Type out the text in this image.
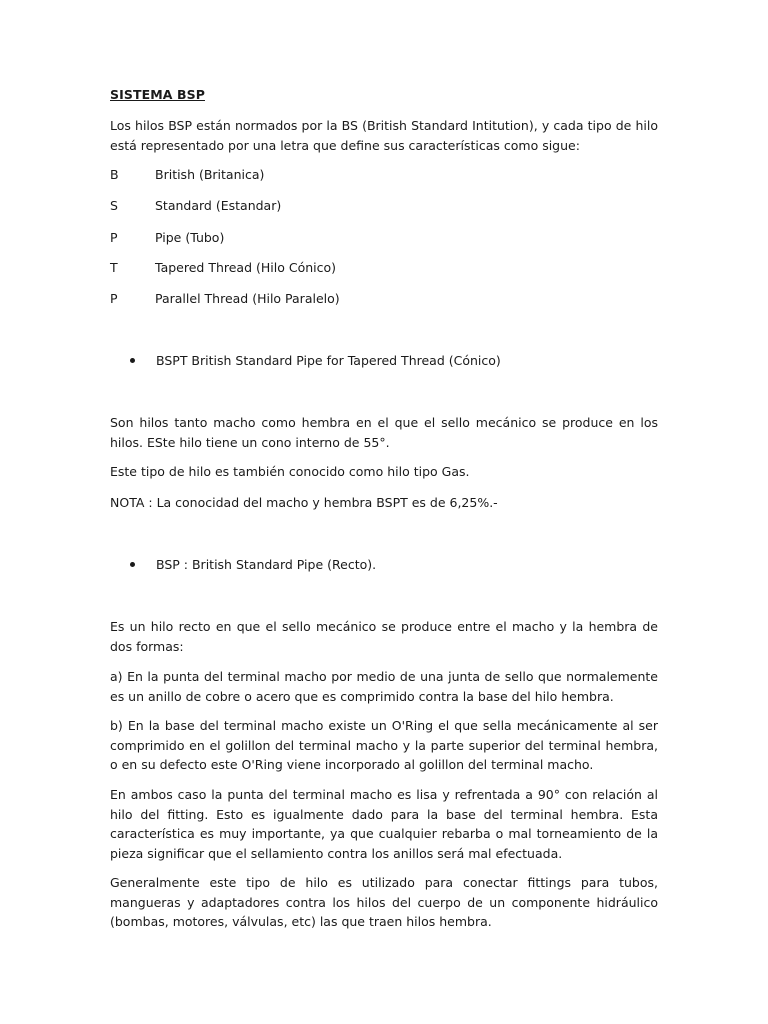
SISTEMA BSP
Los hilos BSP están normados por la BS (British Standard Intitution), y cada tipo de hilo está representado por una letra que define sus características como sigue:
B	British (Britanica)
S	Standard (Estandar)
P	Pipe (Tubo)
T	Tapered Thread (Hilo Cónico)
P	Parallel Thread (Hilo Paralelo)
BSPT British Standard Pipe for Tapered Thread (Cónico)
Son hilos tanto macho como hembra en el que el sello mecánico se produce en los hilos. ESte hilo tiene un cono interno de 55°.
Este tipo de hilo es también conocido como hilo tipo Gas.
NOTA : La conocidad del macho y hembra BSPT es de 6,25%.-
BSP : British Standard Pipe (Recto).
Es un hilo recto en que el sello mecánico se produce entre el macho y la hembra de dos formas:
a) En la punta del terminal macho por medio de una junta de sello que normalemente es un anillo de cobre o acero que es comprimido contra la base del hilo hembra.
b) En la base del terminal macho existe un O'Ring el que sella mecánicamente al ser comprimido en el golillon del terminal macho y la parte superior del terminal hembra, o en su defecto este O'Ring viene incorporado al golillon del terminal macho.
En ambos caso la punta del terminal macho es lisa y refrentada a 90° con relación al hilo del fitting. Esto es igualmente dado para la base del terminal hembra. Esta característica es muy importante, ya que cualquier rebarba o mal torneamiento de la pieza significar que el sellamiento contra los anillos será mal efectuada.
Generalmente este tipo de hilo es utilizado para conectar fittings para tubos, mangueras y adaptadores contra los hilos del cuerpo de un componente hidráulico (bombas, motores, válvulas, etc) las que traen hilos hembra.
